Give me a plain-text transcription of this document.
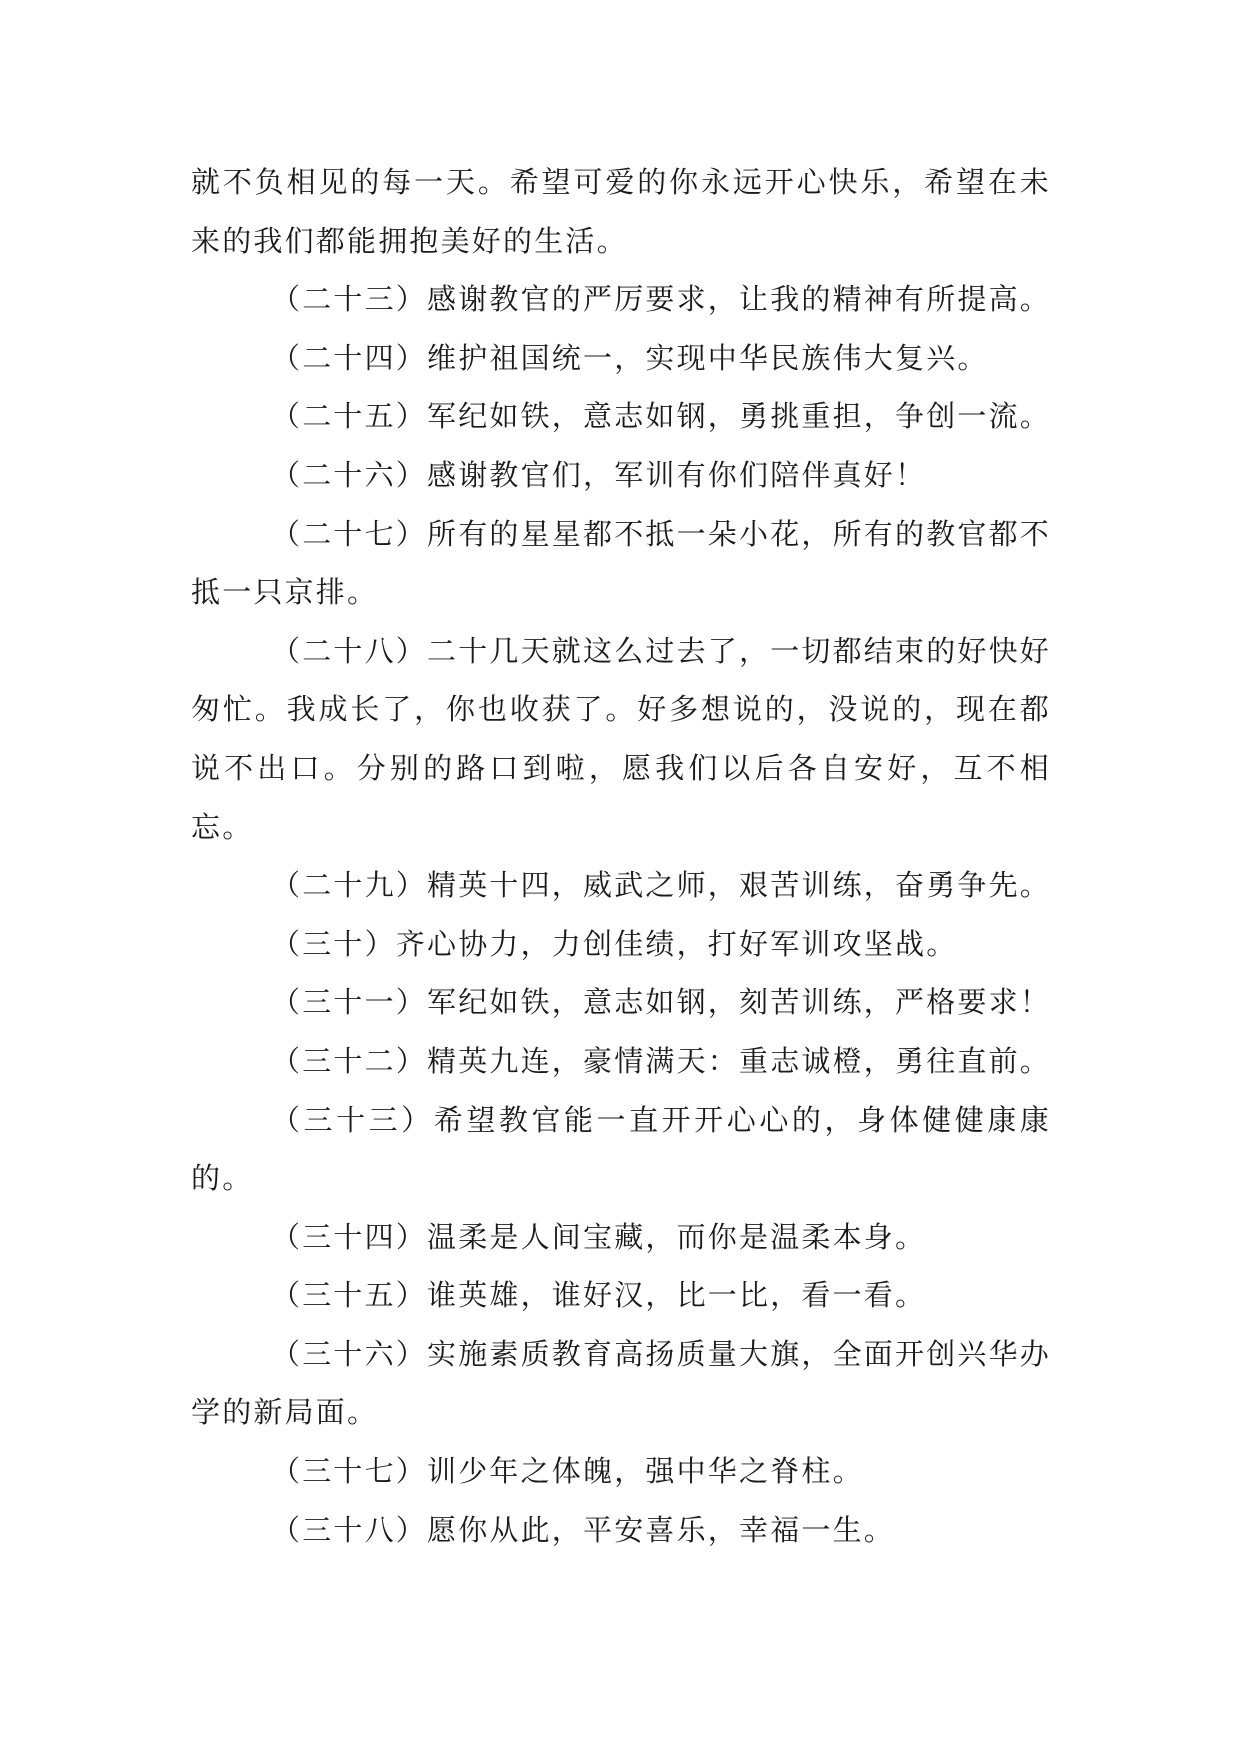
就不负相见的每一天。希望可爱的你永远开心快乐，希望在未来的我们都能拥抱美好的生活。

（二十三）感谢教官的严厉要求，让我的精神有所提高。

（二十四）维护祖国统一，实现中华民族伟大复兴。

（二十五）军纪如铁，意志如钢，勇挑重担，争创一流。

（二十六）感谢教官们，军训有你们陪伴真好！

（二十七）所有的星星都不抵一朵小花，所有的教官都不抵一只京排。

（二十八）二十几天就这么过去了，一切都结束的好快好匆忙。我成长了，你也收获了。好多想说的，没说的，现在都说不出口。分别的路口到啦，愿我们以后各自安好，互不相忘。

（二十九）精英十四，威武之师，艰苦训练，奋勇争先。

（三十）齐心协力，力创佳绩，打好军训攻坚战。

（三十一）军纪如铁，意志如钢，刻苦训练，严格要求！

（三十二）精英九连，豪情满天：重志诚橙，勇往直前。

（三十三）希望教官能一直开开心心的，身体健健康康的。

（三十四）温柔是人间宝藏，而你是温柔本身。

（三十五）谁英雄，谁好汉，比一比，看一看。

（三十六）实施素质教育高扬质量大旗，全面开创兴华办学的新局面。

（三十七）训少年之体魄，强中华之脊柱。

（三十八）愿你从此，平安喜乐，幸福一生。
